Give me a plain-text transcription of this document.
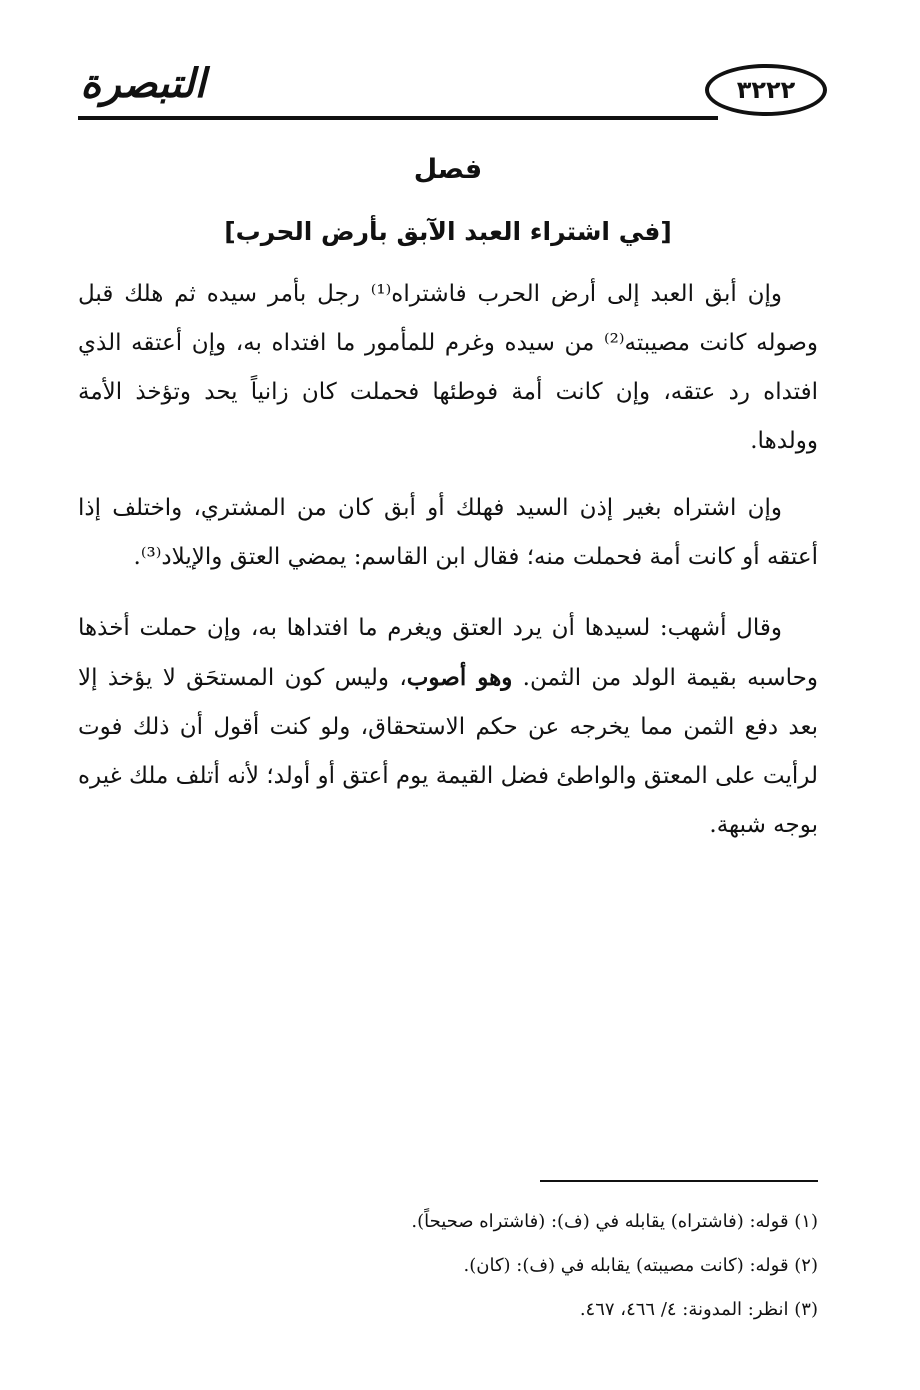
٣٢٢٢
التبصرة
فصل
[في اشتراء العبد الآبق بأرض الحرب]

وإن أبق العبد إلى أرض الحرب فاشتراه⁽¹⁾ رجل بأمر سيده ثم هلك قبل وصوله كانت مصيبته⁽²⁾ من سيده وغرم للمأمور ما افتداه به، وإن أعتقه الذي افتداه رد عتقه، وإن كانت أمة فوطئها فحملت كان زانياً يحد وتؤخذ الأمة وولدها.

وإن اشتراه بغير إذن السيد فهلك أو أبق كان من المشتري، واختلف إذا أعتقه أو كانت أمة فحملت منه؛ فقال ابن القاسم: يمضي العتق والإيلاد⁽³⁾.

وقال أشهب: لسيدها أن يرد العتق ويغرم ما افتداها به، وإن حملت أخذها وحاسبه بقيمة الولد من الثمن. وهو أصوب، وليس كون المستحَق لا يؤخذ إلا بعد دفع الثمن مما يخرجه عن حكم الاستحقاق، ولو كنت أقول أن ذلك فوت لرأيت على المعتق والواطئ فضل القيمة يوم أعتق أو أولد؛ لأنه أتلف ملك غيره بوجه شبهة.

(١) قوله: (فاشتراه) يقابله في (ف): (فاشتراه صحيحاً).

(٢) قوله: (كانت مصيبته) يقابله في (ف): (كان).

(٣) انظر: المدونة: ٤/ ٤٦٦، ٤٦٧.
